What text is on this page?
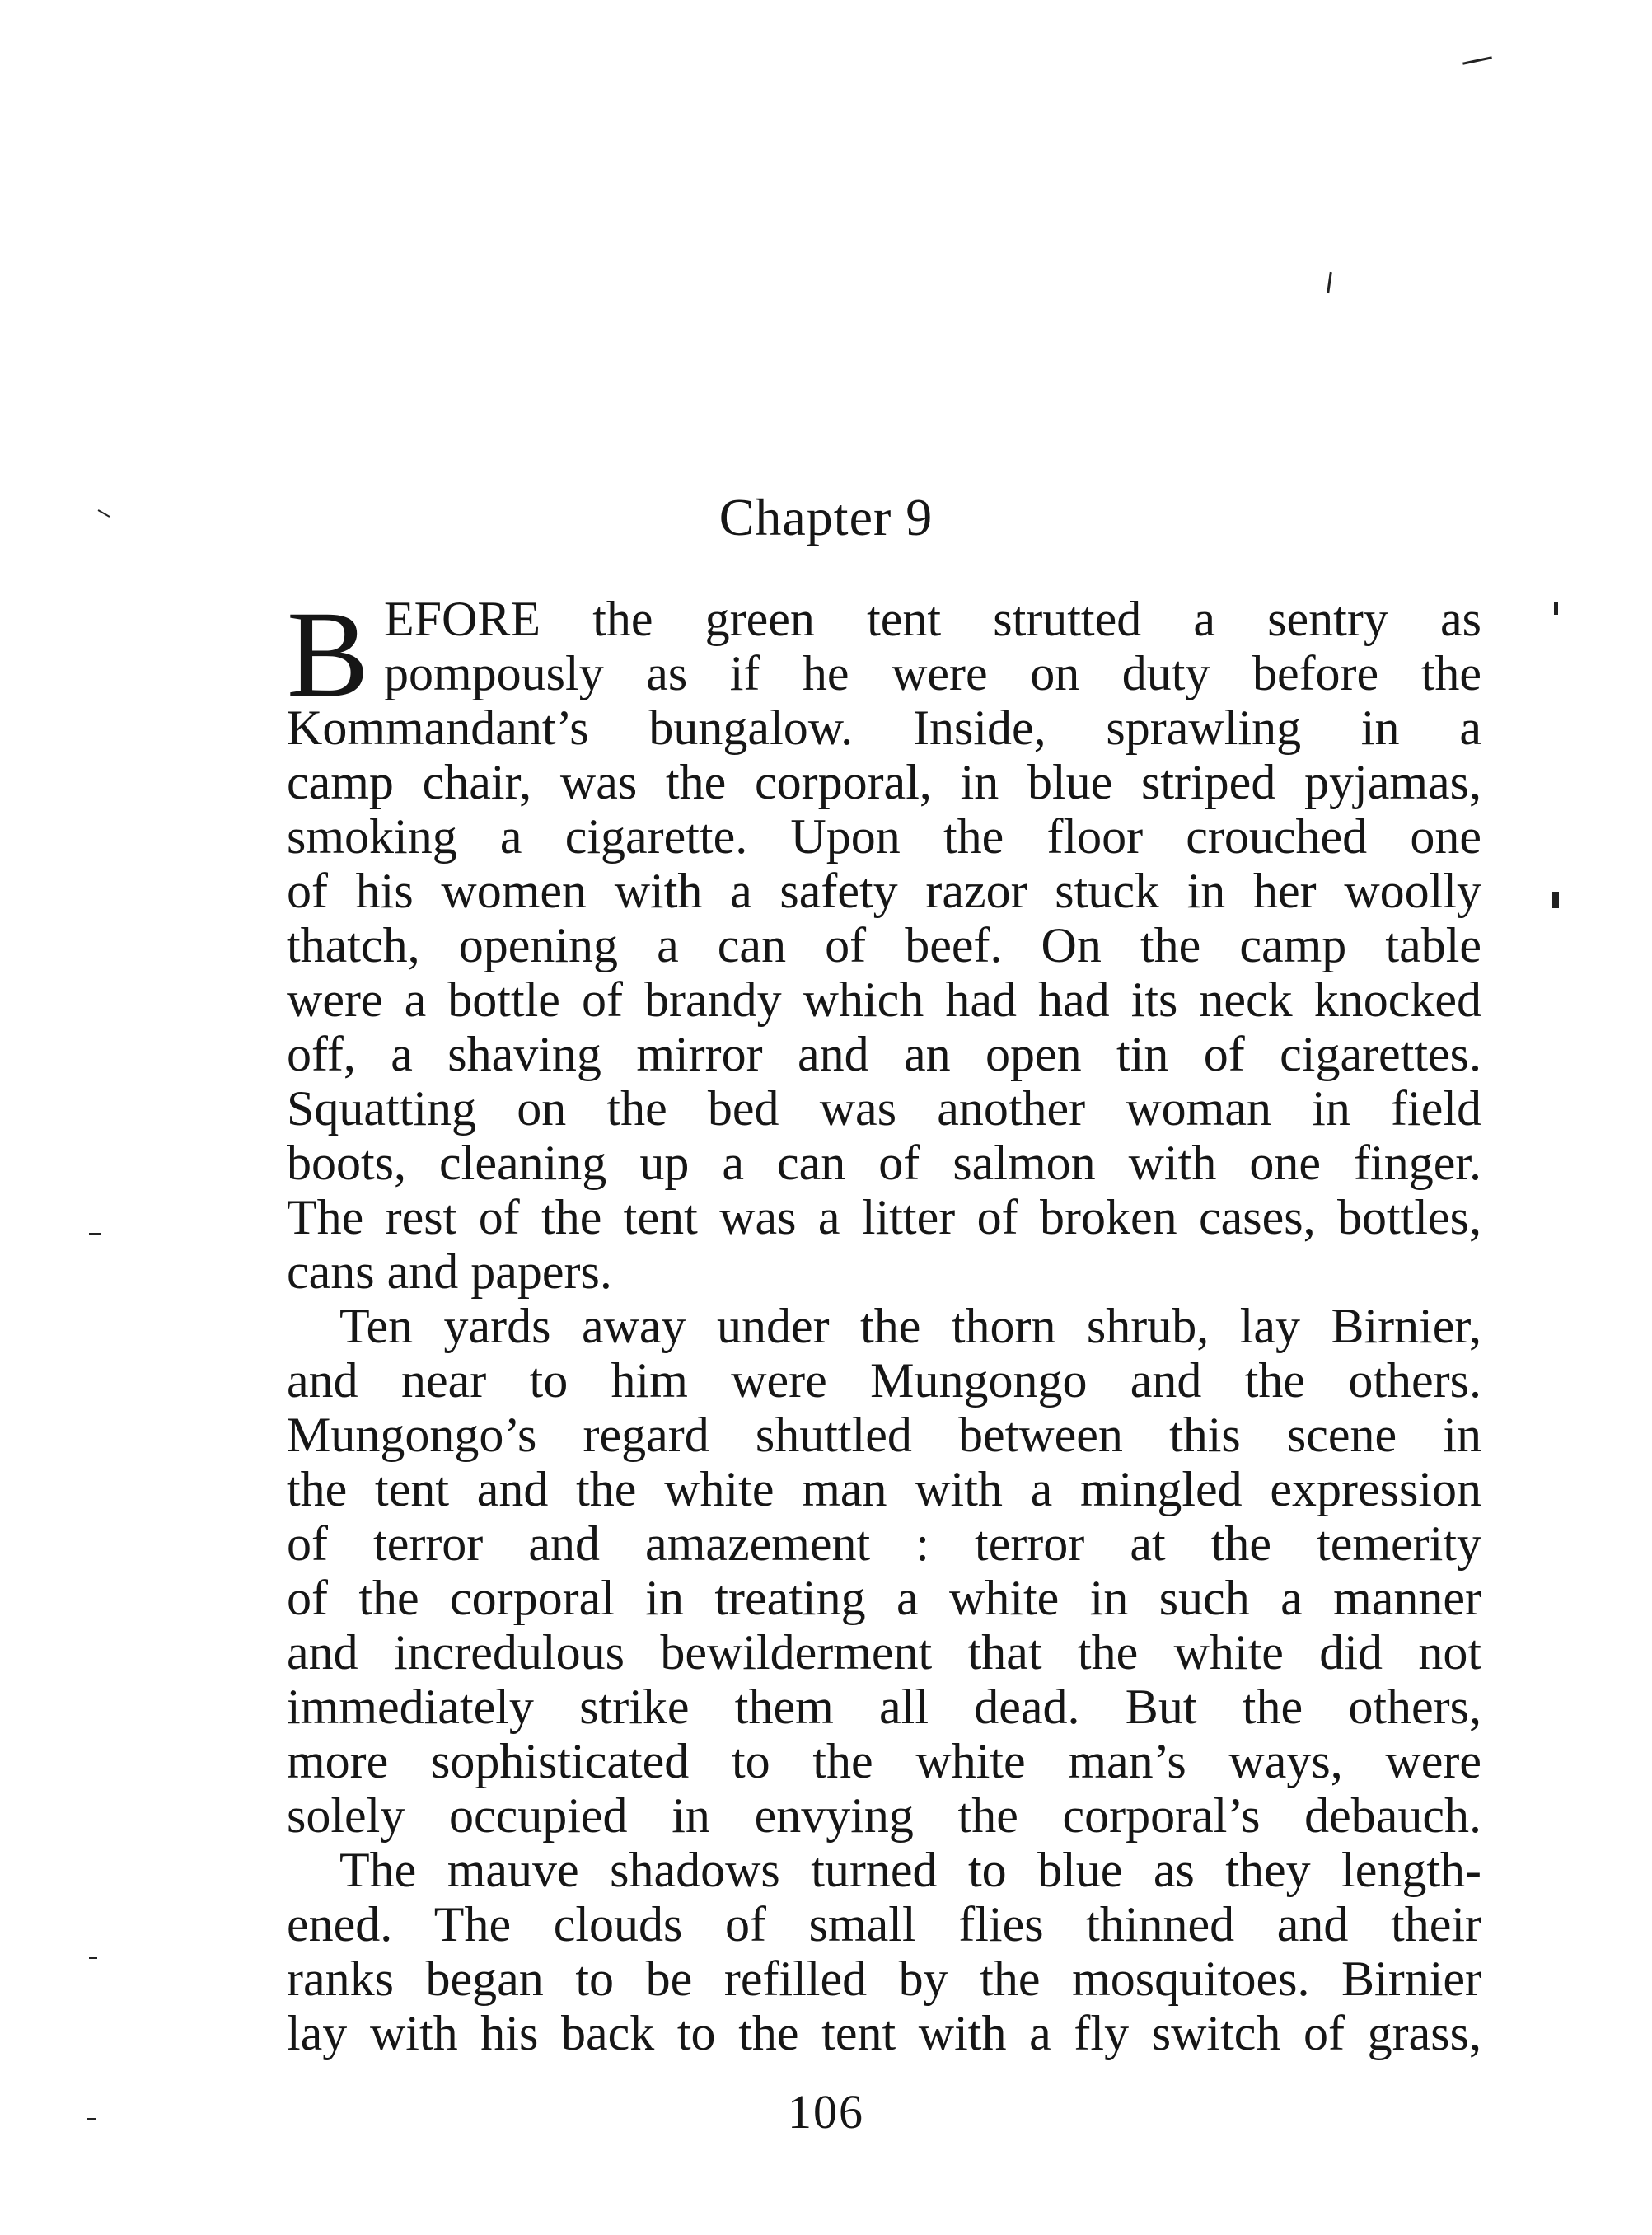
Chapter 9
B EFORE the green tent strutted a sentry as
pompously as if he were on duty before the
Kommandant’s bungalow. Inside, sprawling in a
camp chair, was the corporal, in blue striped pyjamas,
smoking a cigarette. Upon the floor crouched one
of his women with a safety razor stuck in her woolly
thatch, opening a can of beef. On the camp table
were a bottle of brandy which had had its neck knocked
off, a shaving mirror and an open tin of cigarettes.
Squatting on the bed was another woman in field
boots, cleaning up a can of salmon with one finger.
The rest of the tent was a litter of broken cases, bottles,
cans and papers.
Ten yards away under the thorn shrub, lay Birnier,
and near to him were Mungongo and the others.
Mungongo’s regard shuttled between this scene in
the tent and the white man with a mingled expression
of terror and amazement : terror at the temerity
of the corporal in treating a white in such a manner
and incredulous bewilderment that the white did not
immediately strike them all dead. But the others,
more sophisticated to the white man’s ways, were
solely occupied in envying the corporal’s debauch.
The mauve shadows turned to blue as they length-
ened. The clouds of small flies thinned and their
ranks began to be refilled by the mosquitoes. Birnier
lay with his back to the tent with a fly switch of grass,
106
